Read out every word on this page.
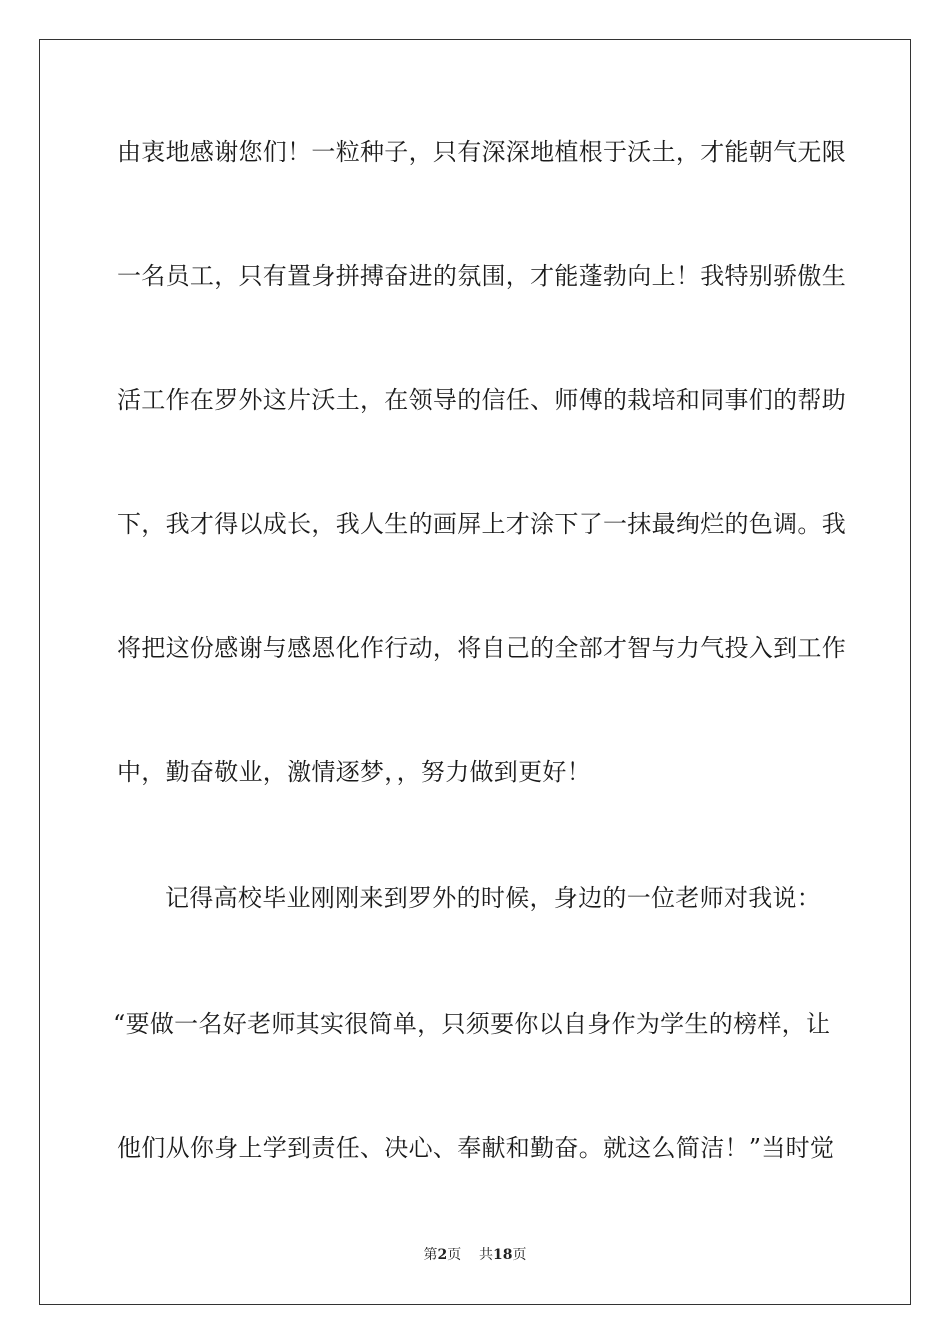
由衷地感谢您们！一粒种子，只有深深地植根于沃土，才能朝气无限
一名员工，只有置身拼搏奋进的氛围，才能蓬勃向上！我特别骄傲生
活工作在罗外这片沃土，在领导的信任、师傅的栽培和同事们的帮助
下，我才得以成长，我人生的画屏上才涂下了一抹最绚烂的色调。我
将把这份感谢与感恩化作行动，将自己的全部才智与力气投入到工作
中，勤奋敬业，激情逐梦，，努力做到更好！
记得高校毕业刚刚来到罗外的时候，身边的一位老师对我说：
“要做一名好老师其实很简单，只须要你以自身作为学生的榜样，让
他们从你身上学到责任、决心、奉献和勤奋。就这么简洁！”当时觉
第2页 共18页
